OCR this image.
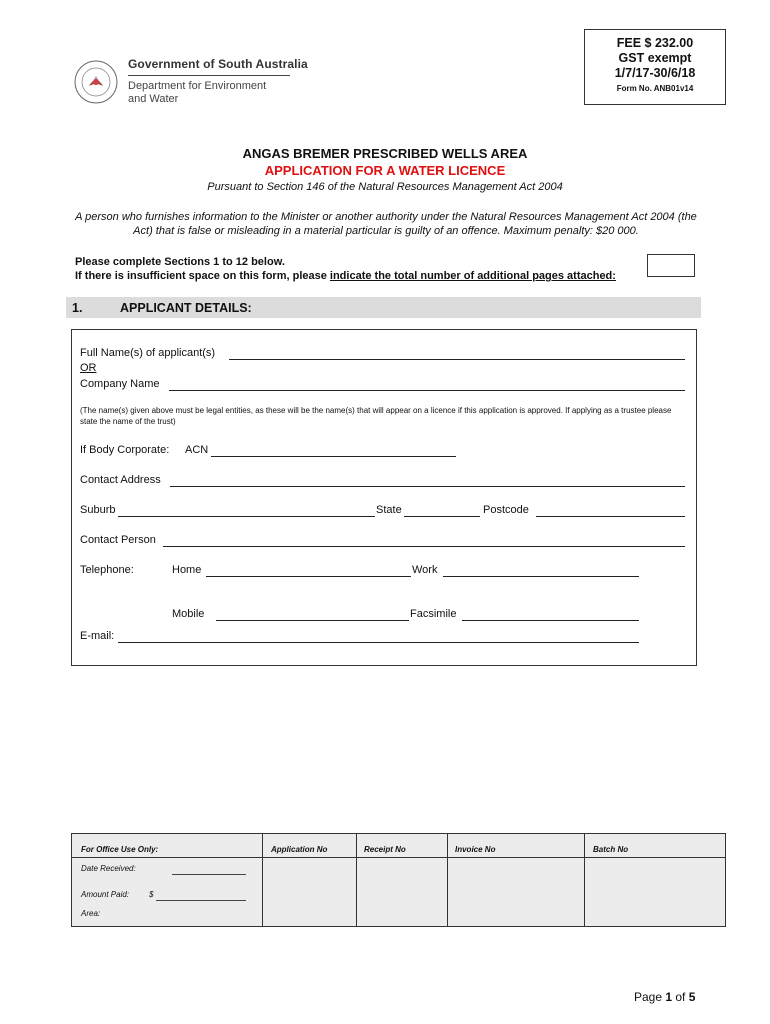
Government of South Australia
Department for Environment
and Water
FEE $ 232.00
GST exempt
1/7/17-30/6/18
Form No. ANB01v14
ANGAS BREMER PRESCRIBED WELLS AREA
APPLICATION FOR A WATER LICENCE
Pursuant to Section 146 of the Natural Resources Management Act 2004
A person who furnishes information to the Minister or another authority under the Natural Resources Management Act 2004 (the Act) that is false or misleading in a material particular is guilty of an offence. Maximum penalty: $20 000.
Please complete Sections 1 to 12 below.
If there is insufficient space on this form, please indicate the total number of additional pages attached:
1.	APPLICANT DETAILS:
Full Name(s) of applicant(s)
OR
Company Name
(The name(s) given above must be legal entities, as these will be the name(s) that will appear on a licence if this application is approved. If applying as a trustee please state the name of the trust)
If Body Corporate: ACN
Contact Address
Suburb	State	Postcode
Contact Person
Telephone:	Home	Work
Mobile	Facsimile
E-mail:
For Office Use Only:	Application No	Receipt No	Invoice No	Batch No
Date Received:
Amount Paid: $
Area:
Page 1 of 5
